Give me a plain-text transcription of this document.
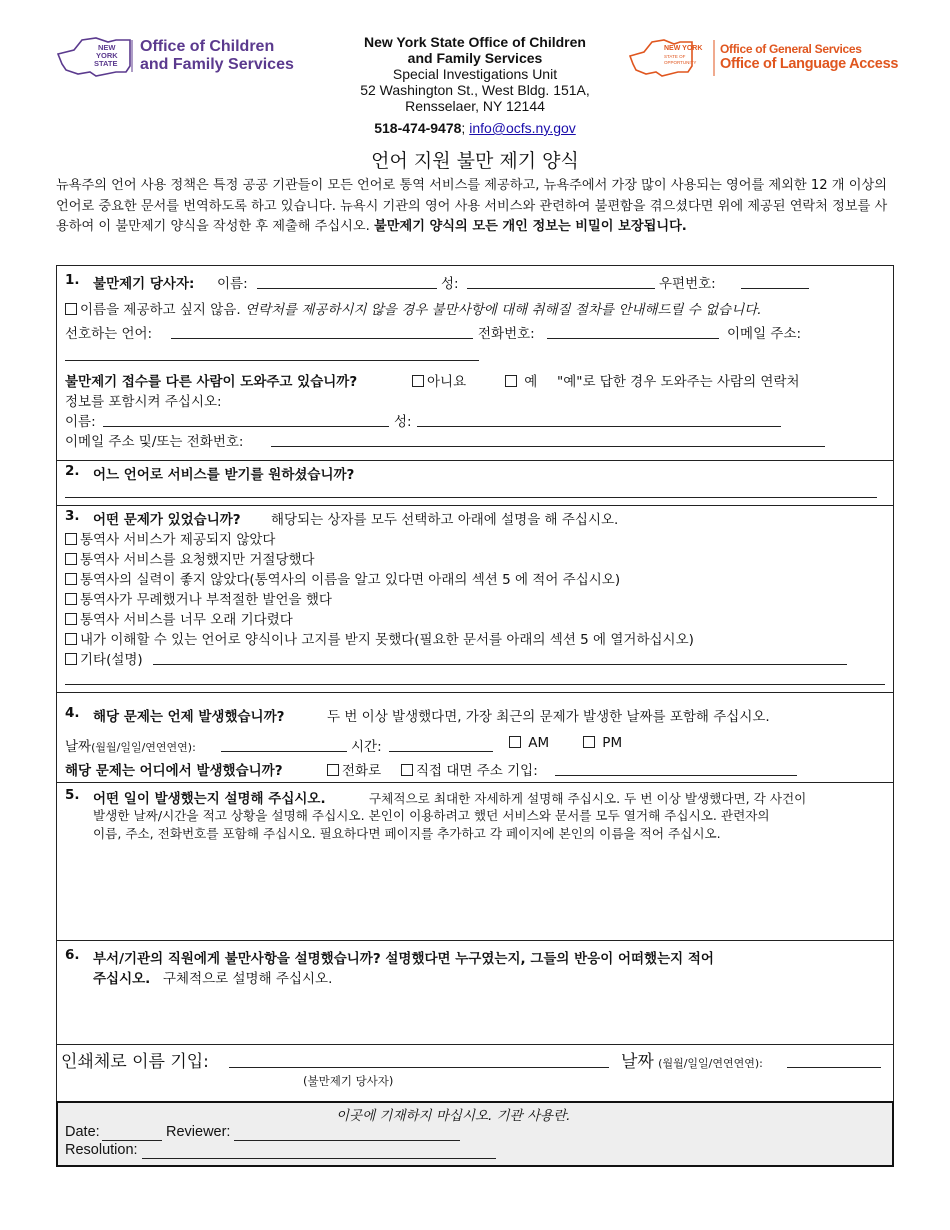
NEW
YORK
STATE
Office of Children
and Family Services
New York State Office of Children
and Family Services
Special Investigations Unit
52 Washington St., West Bldg. 151A,
Rensselaer, NY 12144
518-474-9478; info@ocfs.ny.gov
NEW YORK
STATE OF
OPPORTUNITY
Office of General Services
Office of Language Access
언어 지원 불만 제기 양식
뉴욕주의 언어 사용 정책은 특정 공공 기관들이 모든 언어로 통역 서비스를 제공하고, 뉴욕주에서 가장 많이 사용되는 영어를 제외한 12 개 이상의 언어로 중요한 문서를 번역하도록 하고 있습니다. 뉴욕시 기관의 영어 사용 서비스와 관련하여 불편함을 겪으셨다면 위에 제공된 연락처 정보를 사용하여 이 불만제기 양식을 작성한 후 제출해 주십시오. 불만제기 양식의 모든 개인 정보는 비밀이 보장됩니다.
1. 불만제기 당사자: 이름:	성:	우편번호:
이름을 제공하고 싶지 않음. 연락처를 제공하시지 않을 경우 불만사항에 대해 취해질 절차를 안내해드릴 수 없습니다.
선호하는 언어:	전화번호:	이메일 주소:
불만제기 접수를 다른 사람이 도와주고 있습니까?	아니요	예 "예"로 답한 경우 도와주는 사람의 연락처
정보를 포함시켜 주십시오:
이름:	성:
이메일 주소 및/또는 전화번호:
2. 어느 언어로 서비스를 받기를 원하셨습니까?
3. 어떤 문제가 있었습니까? 해당되는 상자를 모두 선택하고 아래에 설명을 해 주십시오.
통역사 서비스가 제공되지 않았다
통역사 서비스를 요청했지만 거절당했다
통역사의 실력이 좋지 않았다(통역사의 이름을 알고 있다면 아래의 섹션 5 에 적어 주십시오)
통역사가 무례했거나 부적절한 발언을 했다
통역사 서비스를 너무 오래 기다렸다
내가 이해할 수 있는 언어로 양식이나 고지를 받지 못했다(필요한 문서를 아래의 섹션 5 에 열거하십시오)
기타(설명)
4. 해당 문제는 언제 발생했습니까?	두 번 이상 발생했다면, 가장 최근의 문제가 발생한 날짜를 포함해 주십시오.
날짜(월월/일일/연연연연):	시간:	AM	PM
해당 문제는 어디에서 발생했습니까?	전화로	직접 대면 주소 기입:
5. 어떤 일이 발생했는지 설명해 주십시오.	구체적으로 최대한 자세하게 설명해 주십시오. 두 번 이상 발생했다면, 각 사건이
발생한 날짜/시간을 적고 상황을 설명해 주십시오. 본인이 이용하려고 했던 서비스와 문서를 모두 열거해 주십시오. 관련자의
이름, 주소, 전화번호를 포함해 주십시오. 필요하다면 페이지를 추가하고 각 페이지에 본인의 이름을 적어 주십시오.
6. 부서/기관의 직원에게 불만사항을 설명했습니까? 설명했다면 누구였는지, 그들의 반응이 어떠했는지 적어
주십시오. 구체적으로 설명해 주십시오.
인쇄체로 이름 기입:	날짜 (월월/일일/연연연연):
(불만제기 당사자)
이곳에 기재하지 마십시오. 기관 사용란.
Date:	Reviewer:
Resolution:
